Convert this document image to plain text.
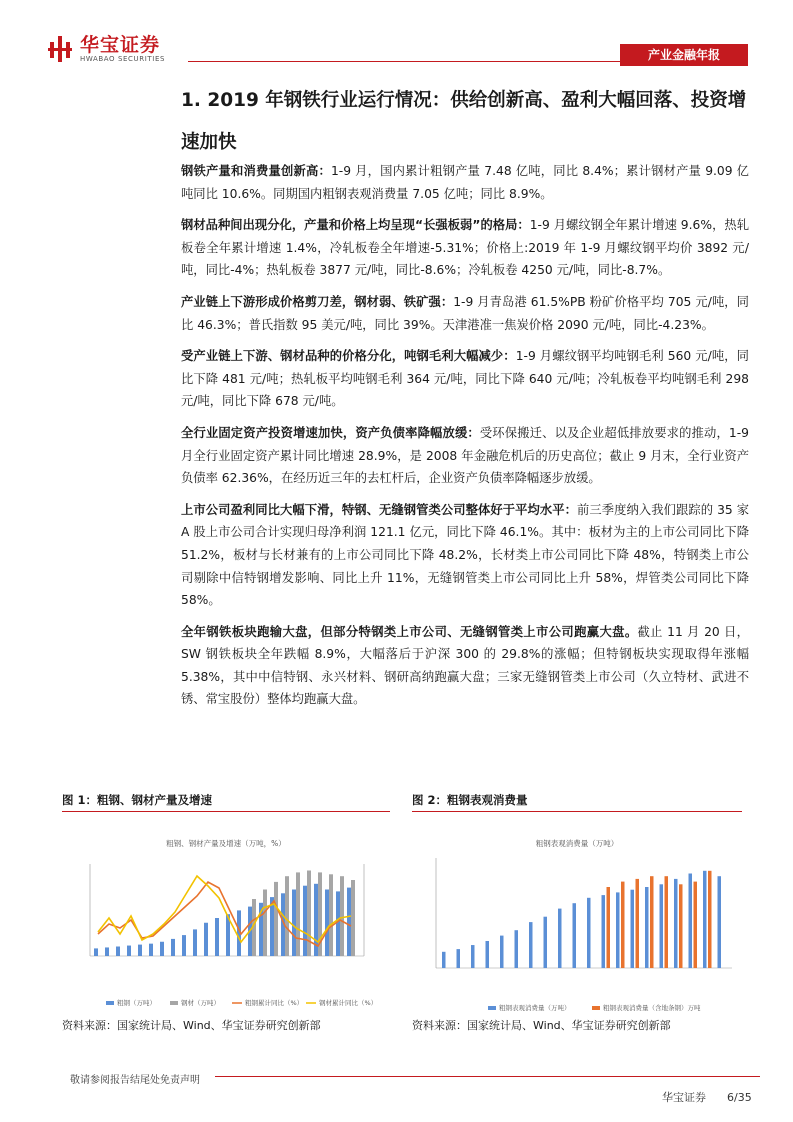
华宝证券
HWABAO SECURITIES	产业金融年报
1. 2019 年钢铁行业运行情况：供给创新高、盈利大幅回落、投资增速加快

钢铁产量和消费量创新高：1-9 月，国内累计粗钢产量 7.48 亿吨，同比 8.4%；累计钢材产量 9.09 亿吨同比 10.6%。同期国内粗钢表观消费量 7.05 亿吨；同比 8.9%。

钢材品种间出现分化，产量和价格上均呈现“长强板弱”的格局：1-9 月螺纹钢全年累计增速 9.6%，热轧板卷全年累计增速 1.4%，冷轧板卷全年增速-5.31%；价格上:2019 年 1-9 月螺纹钢平均价 3892 元/吨，同比-4%；热轧板卷 3877 元/吨，同比-8.6%；冷轧板卷 4250 元/吨，同比-8.7%。

产业链上下游形成价格剪刀差，钢材弱、铁矿强：1-9 月青岛港 61.5%PB 粉矿价格平均 705 元/吨，同比 46.3%；普氏指数 95 美元/吨，同比 39%。天津港准一焦炭价格 2090 元/吨，同比-4.23%。

受产业链上下游、钢材品种的价格分化，吨钢毛利大幅减少：1-9 月螺纹钢平均吨钢毛利 560 元/吨，同比下降 481 元/吨；热轧板平均吨钢毛利 364 元/吨，同比下降 640 元/吨；冷轧板卷平均吨钢毛利 298 元/吨，同比下降 678 元/吨。

全行业固定资产投资增速加快，资产负债率降幅放缓：受环保搬迁、以及企业超低排放要求的推动，1-9 月全行业固定资产累计同比增速 28.9%，是 2008 年金融危机后的历史高位；截止 9 月末，全行业资产负债率 62.36%，在经历近三年的去杠杆后，企业资产负债率降幅逐步放缓。

上市公司盈利同比大幅下滑，特钢、无缝钢管类公司整体好于平均水平：前三季度纳入我们跟踪的 35 家 A 股上市公司合计实现归母净利润 121.1 亿元，同比下降 46.1%。其中：板材为主的上市公司同比下降 51.2%，板材与长材兼有的上市公司同比下降 48.2%，长材类上市公司同比下降 48%，特钢类上市公司剔除中信特钢增发影响、同比上升 11%，无缝钢管类上市公司同比上升 58%，焊管类公司同比下降 58%。

全年钢铁板块跑输大盘，但部分特钢类上市公司、无缝钢管类上市公司跑赢大盘。截止 11 月 20 日，SW 钢铁板块全年跌幅 8.9%，大幅落后于沪深 300 的 29.8%的涨幅；但特钢板块实现取得年涨幅 5.38%，其中中信特钢、永兴材料、钢研高纳跑赢大盘；三家无缝钢管类上市公司（久立特材、武进不锈、常宝股份）整体均跑赢大盘。

图 1：粗钢、钢材产量及增速
粗钢、钢材产量及增速（万吨，%）
粗钢（万吨）	钢材（万吨）	粗钢累计同比（%） 钢材累计同比（%）
资料来源：国家统计局、Wind、华宝证券研究创新部
图 2：粗钢表观消费量
粗钢表观消费量（万吨）
粗钢表观消费量（万吨）	粗钢表观消费量（含地条钢）万吨
资料来源：国家统计局、Wind、华宝证券研究创新部
敬请参阅报告结尾处免责声明
华宝证券 6/35
